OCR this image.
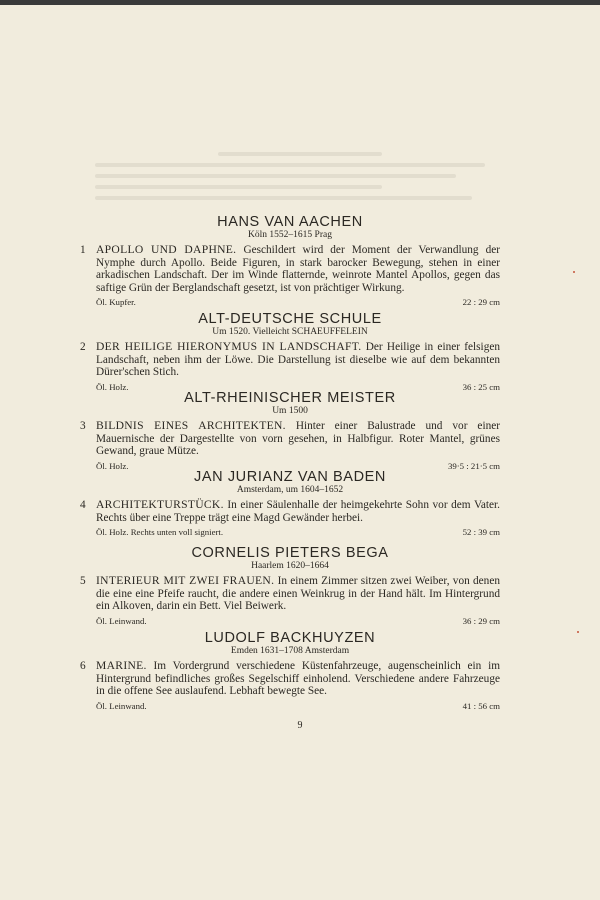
HANS VAN AACHEN
Köln 1552–1615 Prag
1 APOLLO UND DAPHNE. Geschildert wird der Moment der Verwandlung der Nymphe durch Apollo. Beide Figuren, in stark barocker Bewegung, stehen in einer arkadischen Landschaft. Der im Winde flatternde, weinrote Mantel Apollos, gegen das saftige Grün der Berglandschaft gesetzt, ist von prächtiger Wirkung.
Öl. Kupfer.	22 : 29 cm
ALT-DEUTSCHE SCHULE
Um 1520. Vielleicht SCHAEUFFELEIN
2 DER HEILIGE HIERONYMUS IN LANDSCHAFT. Der Heilige in einer felsigen Landschaft, neben ihm der Löwe. Die Darstellung ist dieselbe wie auf dem bekannten Dürer'schen Stich.
Öl. Holz.	36 : 25 cm
ALT-RHEINISCHER MEISTER
Um 1500
3 BILDNIS EINES ARCHITEKTEN. Hinter einer Balustrade und vor einer Mauernische der Dargestellte von vorn gesehen, in Halbfigur. Roter Mantel, grünes Gewand, graue Mütze.
Öl. Holz.	39·5 : 21·5 cm
JAN JURIANZ VAN BADEN
Amsterdam, um 1604–1652
4 ARCHITEKTURSTÜCK. In einer Säulenhalle der heimgekehrte Sohn vor dem Vater. Rechts über eine Treppe trägt eine Magd Gewänder herbei.
Öl. Holz. Rechts unten voll signiert.	52 : 39 cm
CORNELIS PIETERS BEGA
Haarlem 1620–1664
5 INTERIEUR MIT ZWEI FRAUEN. In einem Zimmer sitzen zwei Weiber, von denen die eine eine Pfeife raucht, die andere einen Weinkrug in der Hand hält. Im Hintergrund ein Alkoven, darin ein Bett. Viel Beiwerk.
Öl. Leinwand.	36 : 29 cm
LUDOLF BACKHUYZEN
Emden 1631–1708 Amsterdam
6 MARINE. Im Vordergrund verschiedene Küstenfahrzeuge, augenscheinlich ein im Hintergrund befindliches großes Segelschiff einholend. Verschiedene andere Fahrzeuge in die offene See auslaufend. Lebhaft bewegte See.
Öl. Leinwand.	41 : 56 cm
9
